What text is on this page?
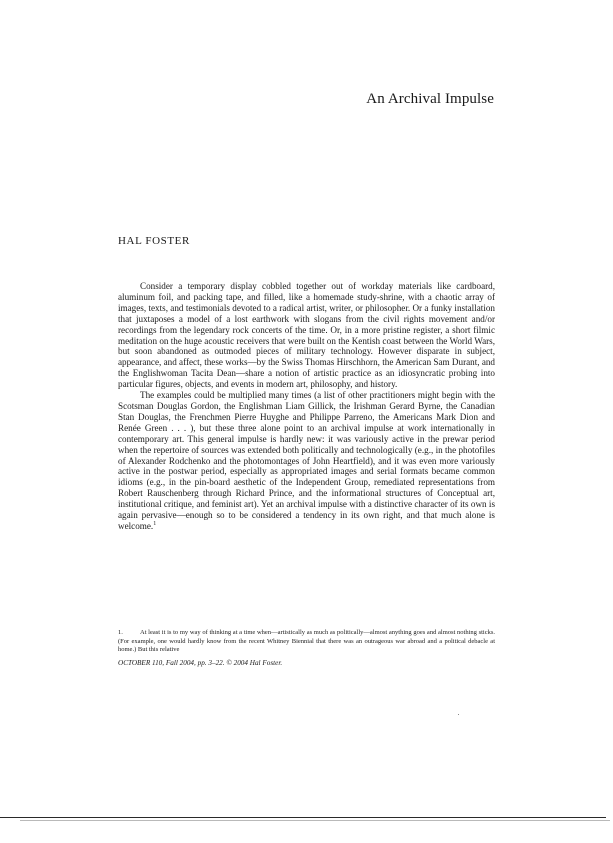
An Archival Impulse
HAL FOSTER

Consider a temporary display cobbled together out of workday materials like cardboard, aluminum foil, and packing tape, and filled, like a homemade study-shrine, with a chaotic array of images, texts, and testimonials devoted to a radical artist, writer, or philosopher. Or a funky installation that juxtaposes a model of a lost earthwork with slogans from the civil rights movement and/or recordings from the legendary rock concerts of the time. Or, in a more pristine register, a short filmic meditation on the huge acoustic receivers that were built on the Kentish coast between the World Wars, but soon abandoned as outmoded pieces of military technology. However disparate in subject, appearance, and affect, these works—by the Swiss Thomas Hirschhorn, the American Sam Durant, and the Englishwoman Tacita Dean—share a notion of artistic practice as an idiosyncratic probing into particular figures, objects, and events in modern art, philosophy, and history.

The examples could be multiplied many times (a list of other practitioners might begin with the Scotsman Douglas Gordon, the Englishman Liam Gillick, the Irishman Gerard Byrne, the Canadian Stan Douglas, the Frenchmen Pierre Huyghe and Philippe Parreno, the Americans Mark Dion and Renée Green . . . ), but these three alone point to an archival impulse at work internationally in contemporary art. This general impulse is hardly new: it was variously active in the prewar period when the repertoire of sources was extended both politically and technologically (e.g., in the photofiles of Alexander Rodchenko and the photomontages of John Heartfield), and it was even more variously active in the postwar period, especially as appropriated images and serial formats became common idioms (e.g., in the pin-board aesthetic of the Independent Group, remediated representations from Robert Rauschenberg through Richard Prince, and the informational structures of Conceptual art, institutional critique, and feminist art). Yet an archival impulse with a distinctive character of its own is again pervasive—enough so to be considered a tendency in its own right, and that much alone is welcome.$^1$

1.	At least it is to my way of thinking at a time when—artistically as much as politically—almost anything goes and almost nothing sticks. (For example, one would hardly know from the recent Whitney Biennial that there was an outrageous war abroad and a political debacle at home.) But this relative
OCTOBER 110, Fall 2004, pp. 3–22. © 2004 Hal Foster.
